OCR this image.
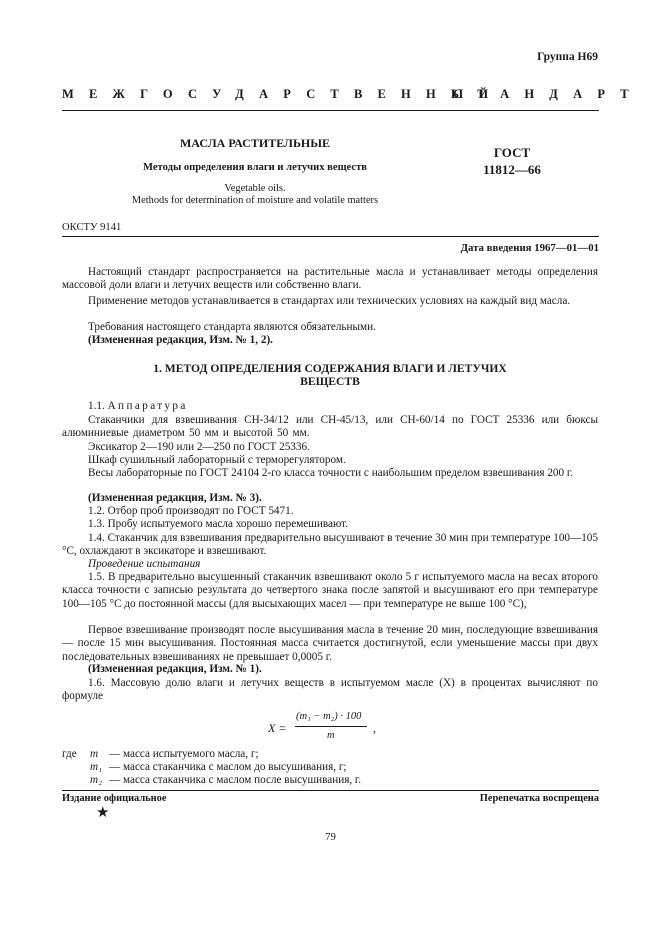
Группа Н69
МЕЖГОСУДАРСТВЕННЫЙ
СТАНДАРТ
МАСЛА РАСТИТЕЛЬНЫЕ
Методы определения влаги и летучих веществ
Vegetable oils.
Methods for determination of moisture and volatile matters
ГОСТ
11812—66
ОКСТУ 9141
Дата введения 1967—01—01
Настоящий стандарт распространяется на растительные масла и устанавливает методы определения массовой доли влаги и летучих веществ или собственно влаги.
Применение методов устанавливается в стандартах или технических условиях на каждый вид масла.
Требования настоящего стандарта являются обязательными.
(Измененная редакция, Изм. № 1, 2).
1. МЕТОД ОПРЕДЕЛЕНИЯ СОДЕРЖАНИЯ ВЛАГИ И ЛЕТУЧИХ
ВЕЩЕСТВ
1.1. Аппаратура
Стаканчики для взвешивания СН-34/12 или СН-45/13, или СН-60/14 по ГОСТ 25336 или бюксы алюминиевые диаметром 50 мм и высотой 50 мм.
Эксикатор 2—190 или 2—250 по ГОСТ 25336.
Шкаф сушильный лабораторный с терморегулятором.
Весы лабораторные по ГОСТ 24104 2-го класса точности с наибольшим пределом взвешивания 200 г.
(Измененная редакция, Изм. № 3).
1.2. Отбор проб производят по ГОСТ 5471.
1.3. Пробу испытуемого масла хорошо перемешивают.
1.4. Стаканчик для взвешивания предварительно высушивают в течение 30 мин при температуре 100—105 °С, охлаждают в эксикаторе и взвешивают.
Проведение испытания
1.5. В предварительно высушенный стаканчик взвешивают около 5 г испытуемого масла на весах второго класса точности с записью результата до четвертого знака после запятой и высушивают его при температуре 100—105 °С до постоянной массы (для высыхающих масел — при температуре не выше 100 °С),
Первое взвешивание производят после высушивания масла в течение 20 мин, последующие взвешивания — после 15 мин высушивания. Постоянная масса считается достигнутой, если уменьшение массы при двух последовательных взвешиваниях не превышает 0,0005 г.
(Измененная редакция, Изм. № 1).
1.6. Массовую долю влаги и летучих веществ в испытуемом масле (X) в процентах вычисляют по формуле
X =
(m₁ − m₂) · 100
m
,
где m — масса испытуемого масла, г;
m₁ — масса стаканчика с маслом до высушивания, г;
m₂ — масса стаканчика с маслом после высушивания, г.
Издание официальное	Перепечатка воспрещена
★
79
